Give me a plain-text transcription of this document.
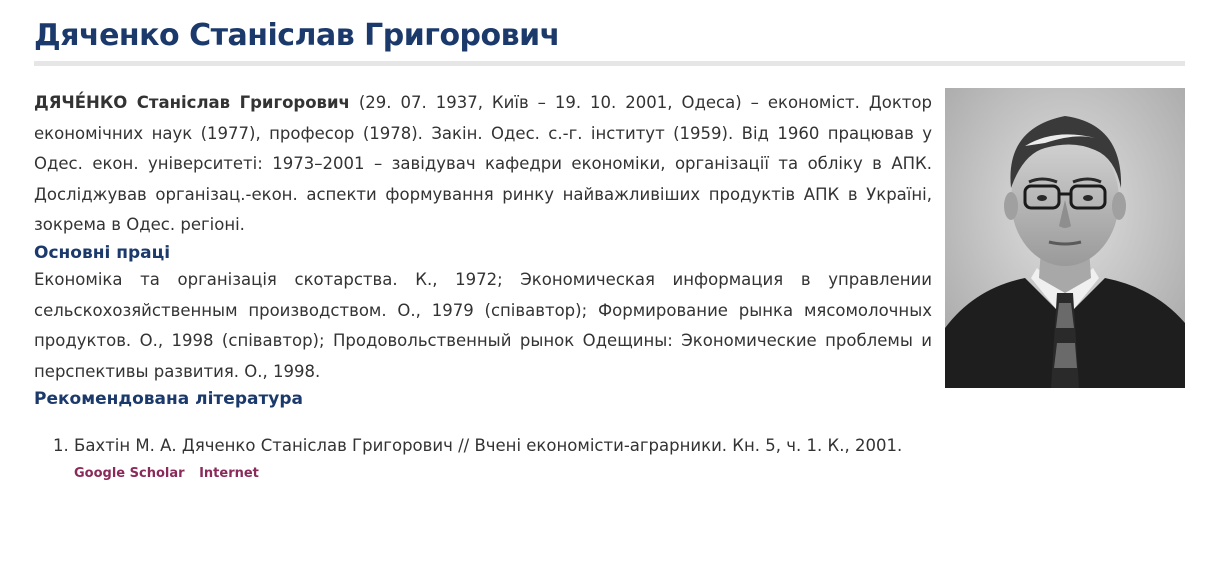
Дяченко Станіслав Григорович

ДЯЧЕ́НКО Станіслав Григорович (29. 07. 1937, Київ – 19. 10. 2001, Одеса) – економіст. Доктор економічних наук (1977), професор (1978). Закін. Одес. с.-г. інститут (1959). Від 1960 працював у Одес. екон. університеті: 1973–2001 – завідувач кафедри економіки, організації та обліку в АПК. Досліджував організац.-екон. аспекти формування ринку найважливіших продуктів АПК в Україні, зокрема в Одес. регіоні.

Основні праці

Економіка та організація скотарства. К., 1972; Экономическая информация в управлении сельскохозяйственным производством. О., 1979 (співавтор); Формирование рынка мясомолочных продуктов. О., 1998 (співавтор); Продовольственный рынок Одещины: Экономические проблемы и перспективы развития. О., 1998.

Рекомендована література
1. Бахтін М. А. Дяченко Станіслав Григорович // Вчені економісти-аграрники. Кн. 5, ч. 1. К., 2001.
Google Scholar Internet
